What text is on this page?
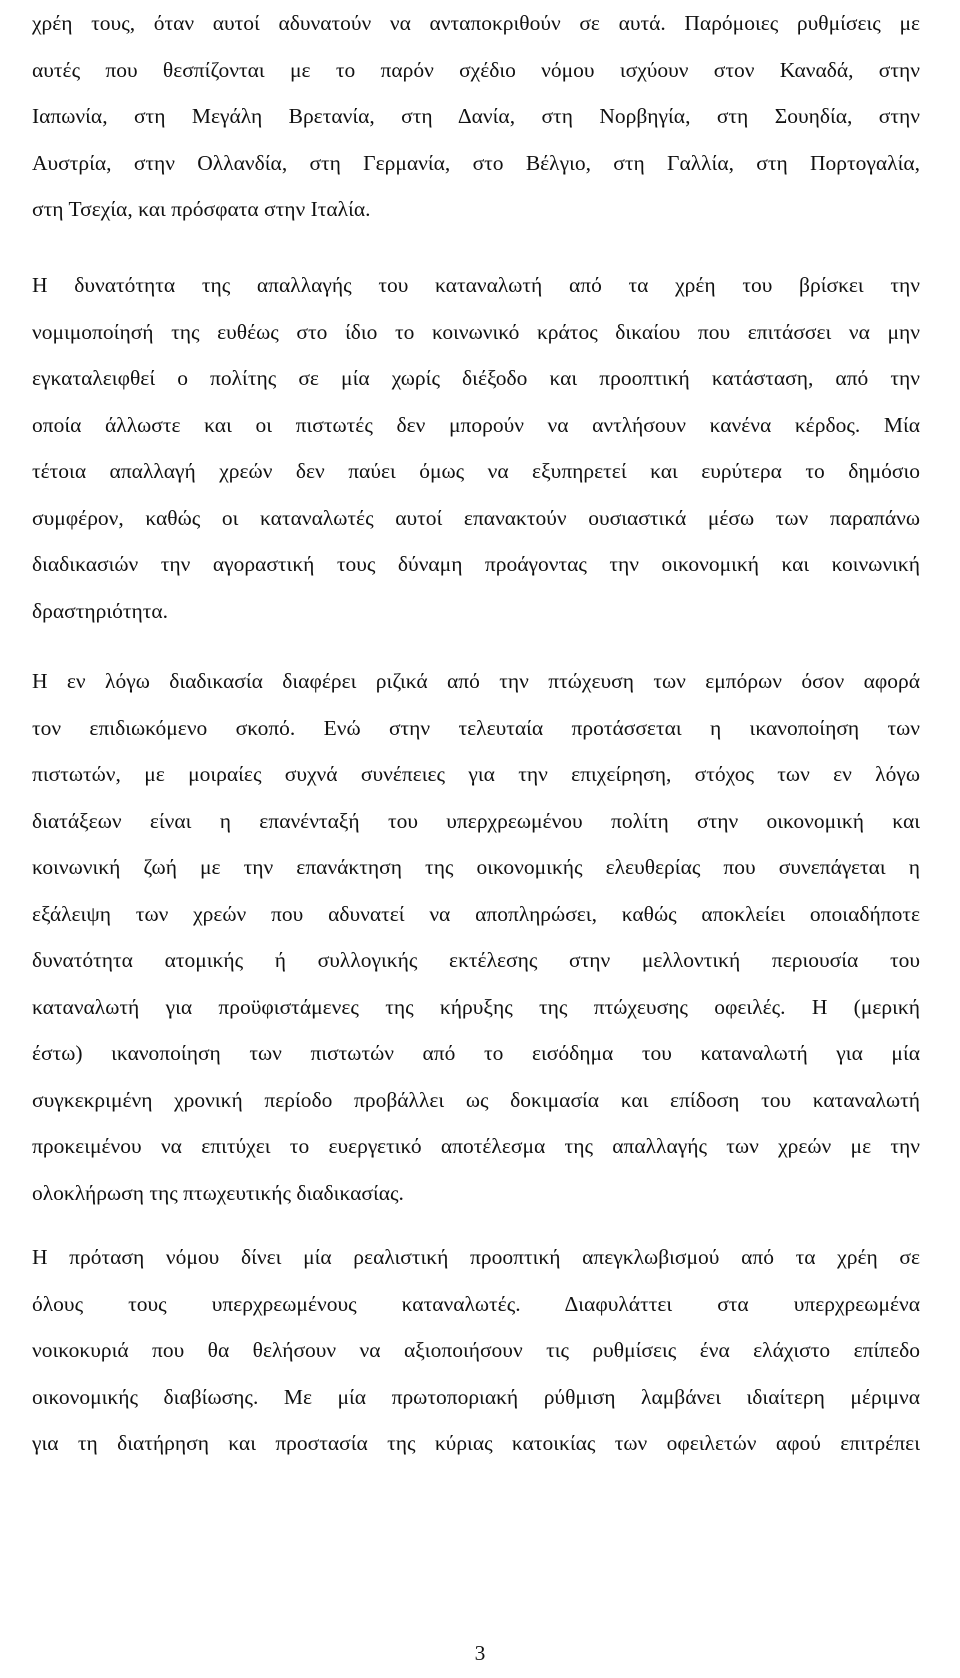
χρέη τους, όταν αυτοί αδυνατούν να ανταποκριθούν σε αυτά. Παρόμοιες ρυθμίσεις με
αυτές που θεσπίζονται με το παρόν σχέδιο νόμου ισχύουν στον Καναδά, στην
Ιαπωνία, στη Μεγάλη Βρετανία, στη Δανία, στη Νορβηγία, στη Σουηδία, στην
Αυστρία, στην Ολλανδία, στη Γερμανία, στο Βέλγιο, στη Γαλλία, στη Πορτογαλία,
στη Τσεχία, και πρόσφατα στην Ιταλία.
Η δυνατότητα της απαλλαγής του καταναλωτή από τα χρέη του βρίσκει την
νομιμοποίησή της ευθέως στο ίδιο το κοινωνικό κράτος δικαίου που επιτάσσει να μην
εγκαταλειφθεί ο πολίτης σε μία χωρίς διέξοδο και προοπτική κατάσταση, από την
οποία άλλωστε και οι πιστωτές δεν μπορούν να αντλήσουν κανένα κέρδος. Μία
τέτοια απαλλαγή χρεών δεν παύει όμως να εξυπηρετεί και ευρύτερα το δημόσιο
συμφέρον, καθώς οι καταναλωτές αυτοί επανακτούν ουσιαστικά μέσω των παραπάνω
διαδικασιών την αγοραστική τους δύναμη προάγοντας την οικονομική και κοινωνική
δραστηριότητα.
Η εν λόγω διαδικασία διαφέρει ριζικά από την πτώχευση των εμπόρων όσον αφορά
τον επιδιωκόμενο σκοπό. Ενώ στην τελευταία προτάσσεται η ικανοποίηση των
πιστωτών, με μοιραίες συχνά συνέπειες για την επιχείρηση, στόχος των εν λόγω
διατάξεων είναι η επανένταξή του υπερχρεωμένου πολίτη στην οικονομική και
κοινωνική ζωή με την επανάκτηση της οικονομικής ελευθερίας που συνεπάγεται η
εξάλειψη των χρεών που αδυνατεί να αποπληρώσει, καθώς αποκλείει οποιαδήποτε
δυνατότητα ατομικής ή συλλογικής εκτέλεσης στην μελλοντική περιουσία του
καταναλωτή για προϋφιστάμενες της κήρυξης της πτώχευσης οφειλές. Η (μερική
έστω) ικανοποίηση των πιστωτών από το εισόδημα του καταναλωτή για μία
συγκεκριμένη χρονική περίοδο προβάλλει ως δοκιμασία και επίδοση του καταναλωτή
προκειμένου να επιτύχει το ευεργετικό αποτέλεσμα της απαλλαγής των χρεών με την
ολοκλήρωση της πτωχευτικής διαδικασίας.
Η πρόταση νόμου δίνει μία ρεαλιστική προοπτική απεγκλωβισμού από τα χρέη σε
όλους τους υπερχρεωμένους καταναλωτές. Διαφυλάττει στα υπερχρεωμένα
νοικοκυριά που θα θελήσουν να αξιοποιήσουν τις ρυθμίσεις ένα ελάχιστο επίπεδο
οικονομικής διαβίωσης. Με μία πρωτοποριακή ρύθμιση λαμβάνει ιδιαίτερη μέριμνα
για τη διατήρηση και προστασία της κύριας κατοικίας των οφειλετών αφού επιτρέπει
3
